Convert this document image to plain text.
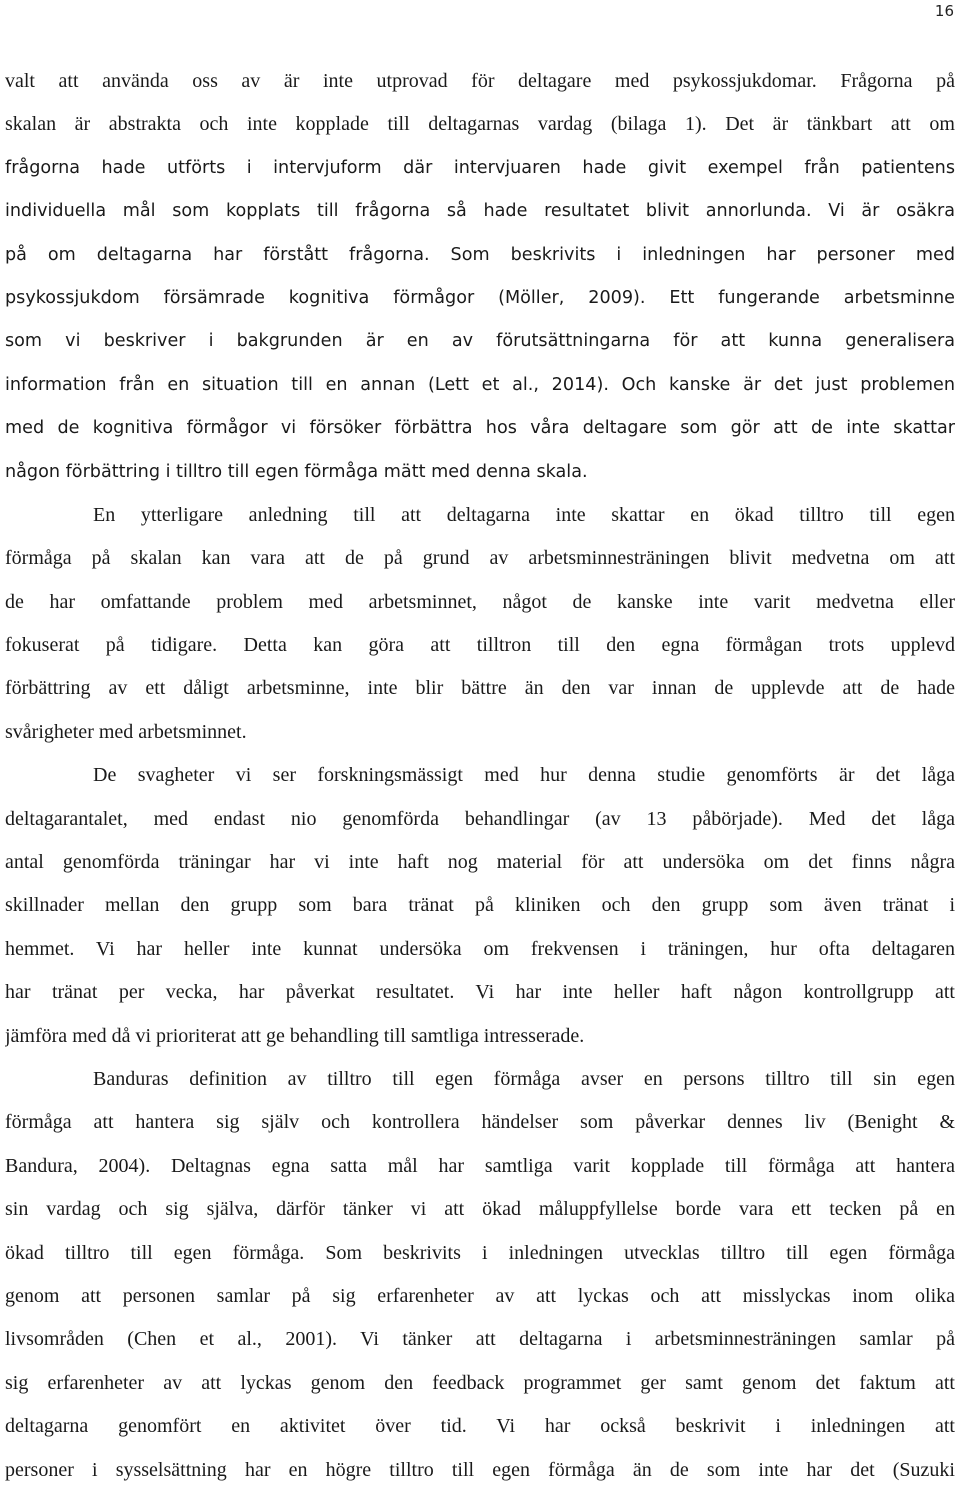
16
valt att använda oss av är inte utprovad för deltagare med psykossjukdomar. Frågorna på
skalan är abstrakta och inte kopplade till deltagarnas vardag (bilaga 1). Det är tänkbart att om
frågorna hade utförts i intervjuform där intervjuaren hade givit exempel från patientens
individuella mål som kopplats till frågorna så hade resultatet blivit annorlunda. Vi är osäkra
på om deltagarna har förstått frågorna. Som beskrivits i inledningen har personer med
psykossjukdom försämrade kognitiva förmågor (Möller, 2009). Ett fungerande arbetsminne
som vi beskriver i bakgrunden är en av förutsättningarna för att kunna generalisera
information från en situation till en annan (Lett et al., 2014). Och kanske är det just problemen
med de kognitiva förmågor vi försöker förbättra hos våra deltagare som gör att de inte skattar
någon förbättring i tilltro till egen förmåga mätt med denna skala.
En ytterligare anledning till att deltagarna inte skattar en ökad tilltro till egen
förmåga på skalan kan vara att de på grund av arbetsminnesträningen blivit medvetna om att
de har omfattande problem med arbetsminnet, något de kanske inte varit medvetna eller
fokuserat på tidigare. Detta kan göra att tilltron till den egna förmågan trots upplevd
förbättring av ett dåligt arbetsminne, inte blir bättre än den var innan de upplevde att de hade
svårigheter med arbetsminnet.
De svagheter vi ser forskningsmässigt med hur denna studie genomförts är det låga
deltagarantalet, med endast nio genomförda behandlingar (av 13 påbörjade). Med det låga
antal genomförda träningar har vi inte haft nog material för att undersöka om det finns några
skillnader mellan den grupp som bara tränat på kliniken och den grupp som även tränat i
hemmet. Vi har heller inte kunnat undersöka om frekvensen i träningen, hur ofta deltagaren
har tränat per vecka, har påverkat resultatet. Vi har inte heller haft någon kontrollgrupp att
jämföra med då vi prioriterat att ge behandling till samtliga intresserade.
Banduras definition av tilltro till egen förmåga avser en persons tilltro till sin egen
förmåga att hantera sig själv och kontrollera händelser som påverkar dennes liv (Benight &
Bandura, 2004). Deltagnas egna satta mål har samtliga varit kopplade till förmåga att hantera
sin vardag och sig själva, därför tänker vi att ökad måluppfyllelse borde vara ett tecken på en
ökad tilltro till egen förmåga. Som beskrivits i inledningen utvecklas tilltro till egen förmåga
genom att personen samlar på sig erfarenheter av att lyckas och att misslyckas inom olika
livsområden (Chen et al., 2001). Vi tänker att deltagarna i arbetsminnesträningen samlar på
sig erfarenheter av att lyckas genom den feedback programmet ger samt genom det faktum att
deltagarna genomfört en aktivitet över tid. Vi har också beskrivit i inledningen att
personer i sysselsättning har en högre tilltro till egen förmåga än de som inte har det (Suzuki
